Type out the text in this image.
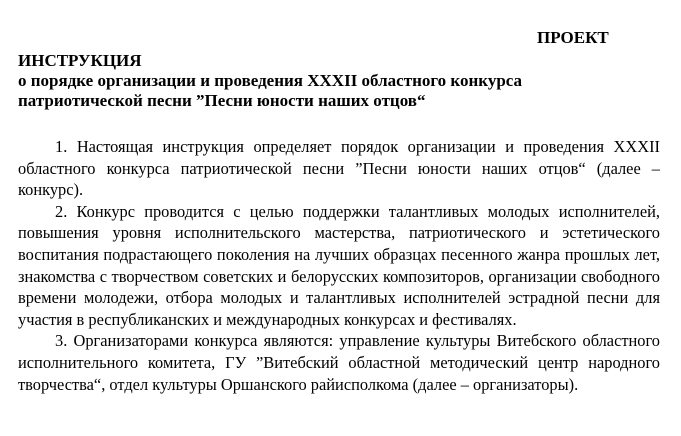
ПРОЕКТ
ИНСТРУКЦИЯ
о порядке организации и проведения XXXII областного конкурса
патриотической песни ”Песни юности наших отцов“

1. Настоящая инструкция определяет порядок организации и проведения XXXII областного конкурса патриотической песни ”Песни юности наших отцов“ (далее – конкурс).

2. Конкурс проводится с целью поддержки талантливых молодых исполнителей, повышения уровня исполнительского мастерства, патриотического и эстетического воспитания подрастающего поколения на лучших образцах песенного жанра прошлых лет, знакомства с творчеством советских и белорусских композиторов, организации свободного времени молодежи, отбора молодых и талантливых исполнителей эстрадной песни для участия в республиканских и международных конкурсах и фестивалях.

3. Организаторами конкурса являются: управление культуры Витебского областного исполнительного комитета, ГУ ”Витебский областной методический центр народного творчества“, отдел культуры Оршанского райисполкома (далее – организаторы).
